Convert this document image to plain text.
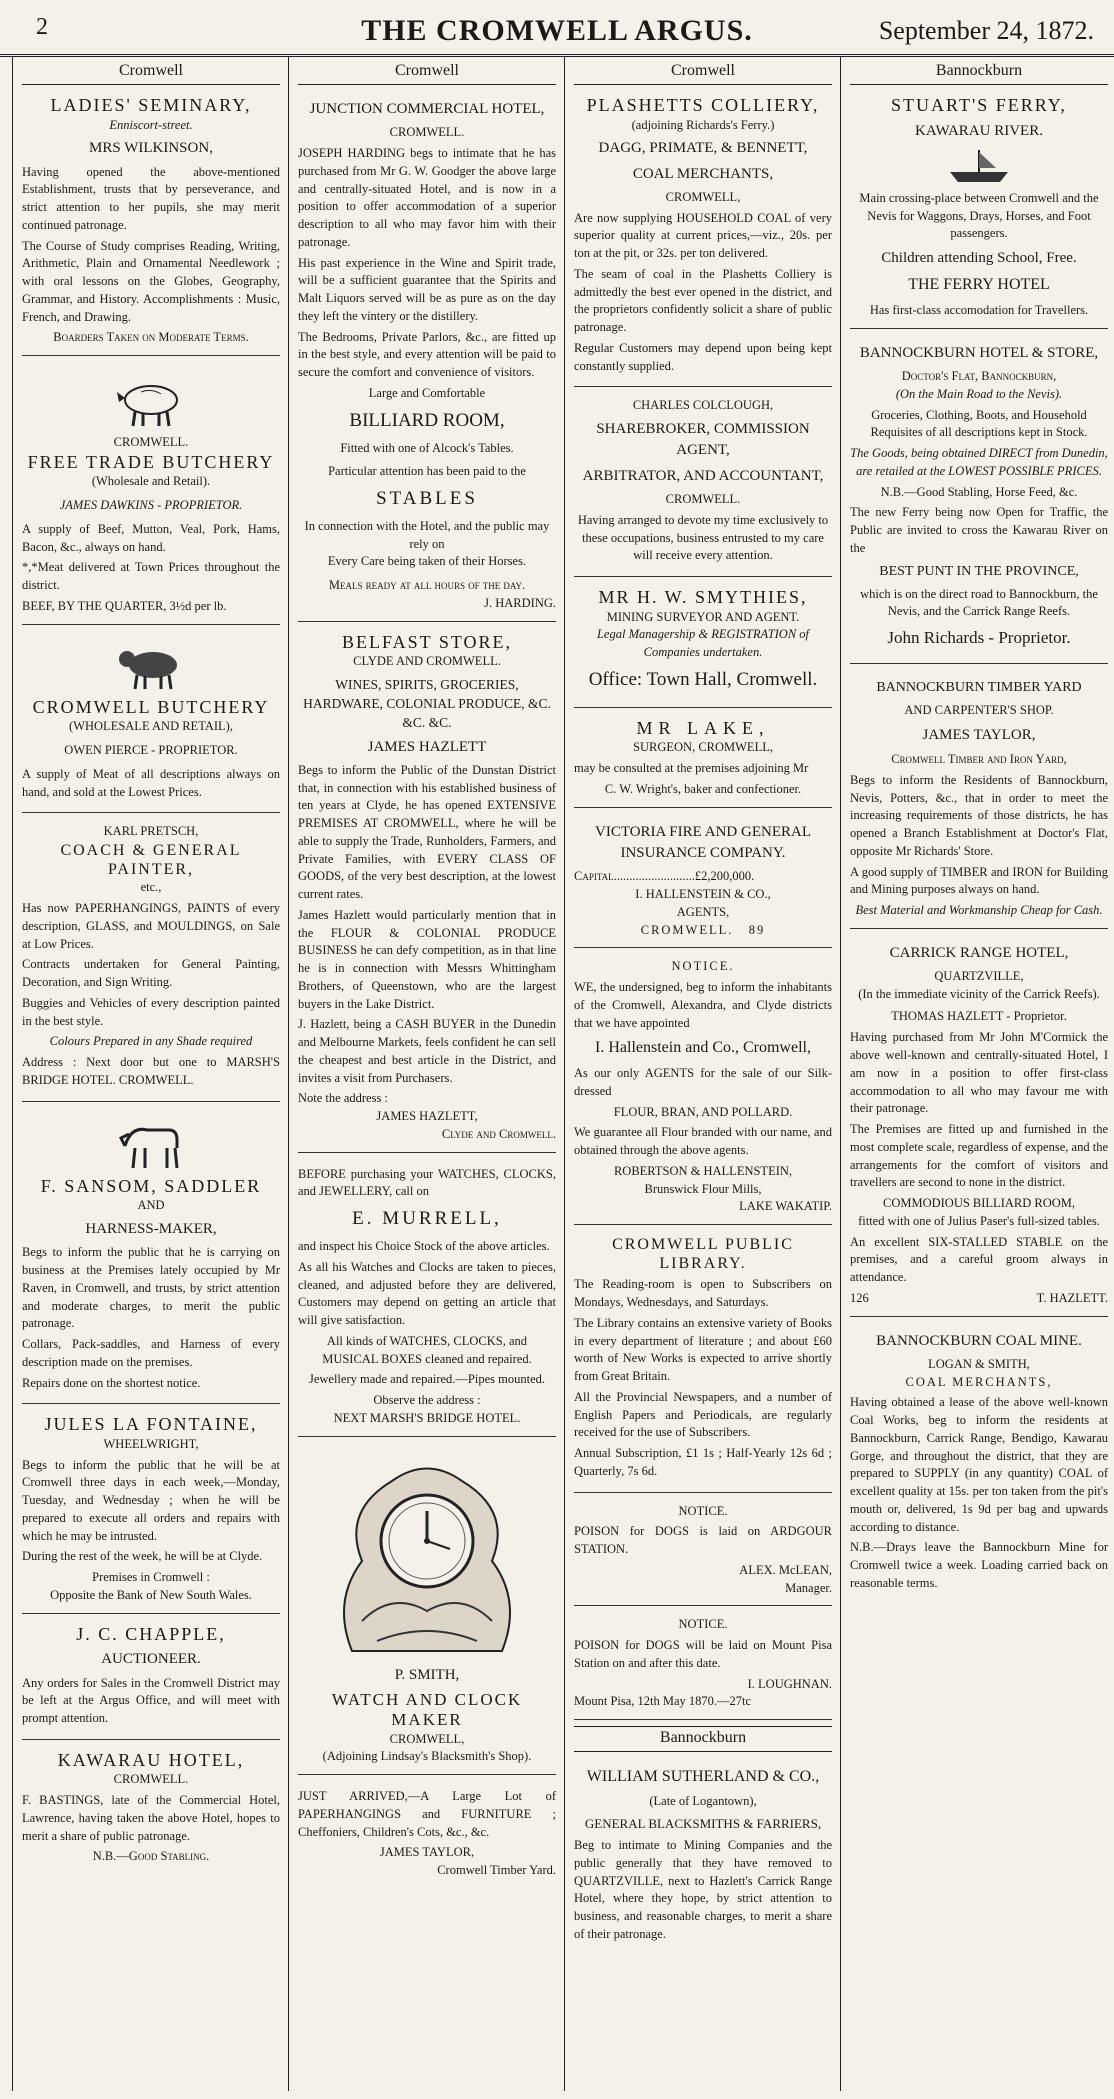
2	THE CROMWELL ARGUS.	September 24, 1872.
Cromwell
LADIES' SEMINARY,
Enniscort-street.
MRS WILKINSON,

Having opened the above-mentioned Establishment, trusts that by perseverance, and strict attention to her pupils, she may merit continued patronage.

The Course of Study comprises Reading, Writing, Arithmetic, Plain and Ornamental Needlework ; with oral lessons on the Globes, Geography, Grammar, and History. Accomplishments : Music, French, and Drawing.

Boarders Taken on Moderate Terms.
CROMWELL.
FREE TRADE BUTCHERY
(Wholesale and Retail).
JAMES DAWKINS - PROPRIETOR.

A supply of Beef, Mutton, Veal, Pork, Hams, Bacon, &c., always on hand.

*,*Meat delivered at Town Prices throughout the district.

BEEF, BY THE QUARTER, 3½d per lb.
CROMWELL BUTCHERY
(WHOLESALE AND RETAIL),
OWEN PIERCE - PROPRIETOR.

A supply of Meat of all descriptions always on hand, and sold at the Lowest Prices.

KARL PRETSCH,
COACH & GENERAL PAINTER,
etc.,

Has now PAPERHANGINGS, PAINTS of every description, GLASS, and MOULDINGS, on Sale at Low Prices.

Contracts undertaken for General Painting, Decoration, and Sign Writing.

Buggies and Vehicles of every description painted in the best style.

Colours Prepared in any Shade required

Address : Next door but one to MARSH'S BRIDGE HOTEL. CROMWELL.

F. SANSOM, SADDLER
AND
HARNESS-MAKER,

Begs to inform the public that he is carrying on business at the Premises lately occupied by Mr Raven, in Cromwell, and trusts, by strict attention and moderate charges, to merit the public patronage.

Collars, Pack-saddles, and Harness of every description made on the premises.

Repairs done on the shortest notice.

JULES LA FONTAINE,
WHEELWRIGHT,

Begs to inform the public that he will be at Cromwell three days in each week,—Monday, Tuesday, and Wednesday ; when he will be prepared to execute all orders and repairs with which he may be intrusted.

During the rest of the week, he will be at Clyde.

Premises in Cromwell :
Opposite the Bank of New South Wales.
J. C. CHAPPLE,
AUCTIONEER.

Any orders for Sales in the Cromwell District may be left at the Argus Office, and will meet with prompt attention.

KAWARAU HOTEL,
CROMWELL.

F. BASTINGS, late of the Commercial Hotel, Lawrence, having taken the above Hotel, hopes to merit a share of public patronage.

N.B.—Good Stabling.
Cromwell
JUNCTION COMMERCIAL HOTEL,
CROMWELL.

JOSEPH HARDING begs to intimate that he has purchased from Mr G. W. Goodger the above large and centrally-situated Hotel, and is now in a position to offer accommodation of a superior description to all who may favor him with their patronage.

His past experience in the Wine and Spirit trade, will be a sufficient guarantee that the Spirits and Malt Liquors served will be as pure as on the day they left the vintery or the distillery.

The Bedrooms, Private Parlors, &c., are fitted up in the best style, and every attention will be paid to secure the comfort and convenience of visitors.

Large and Comfortable
BILLIARD ROOM,
Fitted with one of Alcock's Tables.
Particular attention has been paid to the
STABLES
In connection with the Hotel, and the public may rely on
Every Care being taken of their Horses.
Meals ready at all hours of the day.
J. HARDING.
BELFAST STORE,
CLYDE AND CROMWELL.
WINES, SPIRITS, GROCERIES, HARDWARE, COLONIAL PRODUCE, &C. &C. &C.
JAMES HAZLETT

Begs to inform the Public of the Dunstan District that, in connection with his established business of ten years at Clyde, he has opened EXTENSIVE PREMISES AT CROMWELL, where he will be able to supply the Trade, Runholders, Farmers, and Private Families, with EVERY CLASS OF GOODS, of the very best description, at the lowest current rates.

James Hazlett would particularly mention that in the FLOUR & COLONIAL PRODUCE BUSINESS he can defy competition, as in that line he is in connection with Messrs Whittingham Brothers, of Queenstown, who are the largest buyers in the Lake District.

J. Hazlett, being a CASH BUYER in the Dunedin and Melbourne Markets, feels confident he can sell the cheapest and best article in the District, and invites a visit from Purchasers.

Note the address :
JAMES HAZLETT,
Clyde and Cromwell.

BEFORE purchasing your WATCHES, CLOCKS, and JEWELLERY, call on

E. MURRELL,

and inspect his Choice Stock of the above articles.

As all his Watches and Clocks are taken to pieces, cleaned, and adjusted before they are delivered, Customers may depend on getting an article that will give satisfaction.

All kinds of WATCHES, CLOCKS, and MUSICAL BOXES cleaned and repaired.

Jewellery made and repaired.—Pipes mounted.

Observe the address :
NEXT MARSH'S BRIDGE HOTEL.
P. SMITH,
WATCH AND CLOCK MAKER
CROMWELL,
(Adjoining Lindsay's Blacksmith's Shop).

JUST ARRIVED,—A Large Lot of PAPERHANGINGS and FURNITURE ; Cheffoniers, Children's Cots, &c., &c.

JAMES TAYLOR,
Cromwell Timber Yard.
Cromwell
PLASHETTS COLLIERY,
(adjoining Richards's Ferry.)
DAGG, PRIMATE, & BENNETT,
COAL MERCHANTS,
CROMWELL,

Are now supplying HOUSEHOLD COAL of very superior quality at current prices,—viz., 20s. per ton at the pit, or 32s. per ton delivered.

The seam of coal in the Plashetts Colliery is admittedly the best ever opened in the district, and the proprietors confidently solicit a share of public patronage.

Regular Customers may depend upon being kept constantly supplied.

CHARLES COLCLOUGH,
SHAREBROKER, COMMISSION AGENT,
ARBITRATOR, AND ACCOUNTANT,
CROMWELL.

Having arranged to devote my time exclusively to these occupations, business entrusted to my care will receive every attention.

MR H. W. SMYTHIES,
MINING SURVEYOR AND AGENT.
Legal Managership & REGISTRATION of Companies undertaken.
Office: Town Hall, Cromwell.
MR LAKE,
SURGEON, CROMWELL,

may be consulted at the premises adjoining Mr

C. W. Wright's, baker and confectioner.
VICTORIA FIRE AND GENERAL INSURANCE COMPANY.
Capital..........................£2,200,000.
I. HALLENSTEIN & CO.,
AGENTS,
CROMWELL. 89
NOTICE.

WE, the undersigned, beg to inform the inhabitants of the Cromwell, Alexandra, and Clyde districts that we have appointed

I. Hallenstein and Co., Cromwell,

As our only AGENTS for the sale of our Silk-dressed

FLOUR, BRAN, AND POLLARD.

We guarantee all Flour branded with our name, and obtained through the above agents.

ROBERTSON & HALLENSTEIN,
Brunswick Flour Mills,
LAKE WAKATIP.
CROMWELL PUBLIC LIBRARY.

The Reading-room is open to Subscribers on Mondays, Wednesdays, and Saturdays.

The Library contains an extensive variety of Books in every department of literature ; and about £60 worth of New Works is expected to arrive shortly from Great Britain.

All the Provincial Newspapers, and a number of English Papers and Periodicals, are regularly received for the use of Subscribers.

Annual Subscription, £1 1s ; Half-Yearly 12s 6d ; Quarterly, 7s 6d.

NOTICE.

POISON for DOGS is laid on ARDGOUR STATION.

ALEX. McLEAN,
Manager.
NOTICE.

POISON for DOGS will be laid on Mount Pisa Station on and after this date.

I. LOUGHNAN.
Mount Pisa, 12th May 1870.—27tc
Bannockburn
WILLIAM SUTHERLAND & CO.,
(Late of Logantown),
GENERAL BLACKSMITHS & FARRIERS,

Beg to intimate to Mining Companies and the public generally that they have removed to QUARTZVILLE, next to Hazlett's Carrick Range Hotel, where they hope, by strict attention to business, and reasonable charges, to merit a share of their patronage.

Bannockburn
STUART'S FERRY,
KAWARAU RIVER.

Main crossing-place between Cromwell and the Nevis for Waggons, Drays, Horses, and Foot passengers.

Children attending School, Free.
THE FERRY HOTEL
Has first-class accomodation for Travellers.
BANNOCKBURN HOTEL & STORE,
Doctor's Flat, Bannockburn,
(On the Main Road to the Nevis).

Groceries, Clothing, Boots, and Household Requisites of all descriptions kept in Stock.

The Goods, being obtained DIRECT from Dunedin, are retailed at the LOWEST POSSIBLE PRICES.

N.B.—Good Stabling, Horse Feed, &c.

The new Ferry being now Open for Traffic, the Public are invited to cross the Kawarau River on the

BEST PUNT IN THE PROVINCE,

which is on the direct road to Bannockburn, the Nevis, and the Carrick Range Reefs.

John Richards - Proprietor.
BANNOCKBURN TIMBER YARD
AND CARPENTER'S SHOP.
JAMES TAYLOR,
Cromwell Timber and Iron Yard,

Begs to inform the Residents of Bannockburn, Nevis, Potters, &c., that in order to meet the increasing requirements of those districts, he has opened a Branch Establishment at Doctor's Flat, opposite Mr Richards' Store.

A good supply of TIMBER and IRON for Building and Mining purposes always on hand.

Best Material and Workmanship Cheap for Cash.
CARRICK RANGE HOTEL,
QUARTZVILLE,
(In the immediate vicinity of the Carrick Reefs).
THOMAS HAZLETT - Proprietor.

Having purchased from Mr John M'Cormick the above well-known and centrally-situated Hotel, I am now in a position to offer first-class accommodation to all who may favour me with their patronage.

The Premises are fitted up and furnished in the most complete scale, regardless of expense, and the arrangements for the comfort of visitors and travellers are second to none in the district.

COMMODIOUS BILLIARD ROOM,
fitted with one of Julius Paser's full-sized tables.

An excellent SIX-STALLED STABLE on the premises, and a careful groom always in attendance.

126	T. HAZLETT.
BANNOCKBURN COAL MINE.
LOGAN & SMITH,
COAL MERCHANTS,

Having obtained a lease of the above well-known Coal Works, beg to inform the residents at Bannockburn, Carrick Range, Bendigo, Kawarau Gorge, and throughout the district, that they are prepared to SUPPLY (in any quantity) COAL of excellent quality at 15s. per ton taken from the pit's mouth or, delivered, 1s 9d per bag and upwards according to distance.

N.B.—Drays leave the Bannockburn Mine for Cromwell twice a week. Loading carried back on reasonable terms.
